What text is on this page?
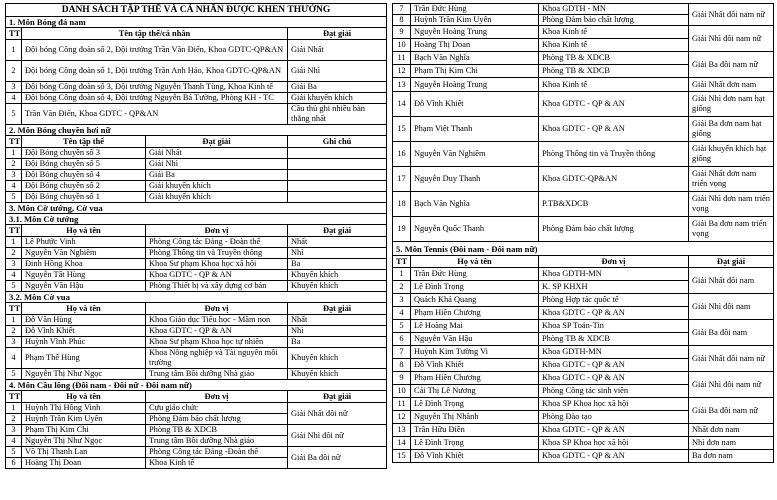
DANH SÁCH TẬP THỂ VÀ CÁ NHÂN ĐƯỢC KHEN THƯỞNG			
1. Môn Bóng đá nam			
TT	Tên tập thể/cá nhân		Đạt giải
1	Đội bóng Công đoàn số 2, Đội trưởng Trần Văn Điển, Khoa GDTC-QP&AN		Giải Nhất
2	Đội bóng Công đoàn số 1, Đội trưởng Trần Anh Hảo, Khoa GDTC-QP&AN		Giải Nhì
3	Đội bóng Công đoàn số 3, Đội trưởng Nguyễn Thanh Tùng, Khoa Kinh tế		Giải Ba
4	Đội bóng Công đoàn số 4, Đội trưởng Nguyễn Bá Tường, Phòng KH - TC		Giải khuyến khích
5	Trần Văn Điển, Khoa GDTC - QP&AN		Cầu thủ ghi nhiều bàn thắng nhất
2. Môn Bóng chuyền hơi nữ			
TT	Tên tập thể	Đạt giải	Ghi chú
1	Đội Bóng chuyền số 3	Giải Nhất	
2	Đội Bóng chuyền số 5	Giải Nhì	
3	Đội Bóng chuyền số 4	Giải Ba	
4	Đội Bóng chuyền số 2	Giải khuyến khích	
5	Đội Bóng chuyền số 1	Giải khuyến khích	
3. Môn Cờ tướng, Cờ vua			
3.1. Môn Cờ tướng			
TT	Họ và tên	Đơn vị	Đạt giải
1	Lê Phước Vinh	Phòng Công tác Đảng - Đoàn thể	Nhất
2	Nguyễn Văn Nghiêm	Phòng Thông tin và Truyền thông	Nhì
3	Đinh Hồng Khoa	Khoa Sư phạm Khoa học xã hội	Ba
4	Nguyễn Tất Hùng	Khoa GDTC - QP & AN	Khuyến khích
5	Nguyễn Văn Hậu	Phòng Thiết bị và xây dựng cơ bản	Khuyến khích
3.2. Môn Cờ vua			
TT	Họ và tên	Đơn vị	Đạt giải
1	Đỗ Văn Hùng	Khoa Giáo dục Tiểu học - Mầm non	Nhất
2	Đỗ Vĩnh Khiết	Khoa GDTC - QP & AN	Nhì
3	Huỳnh Vĩnh Phúc	Khoa Sư phạm Khoa học tự nhiên	Ba
4	Phạm Thế Hùng	Khoa Nông nghiệp và Tài nguyên môi trường	Khuyến khích
5	Nguyễn Thị Như Ngọc	Trung tâm Bồi dưỡng Nhà giáo	Khuyến khích
4. Môn Cầu lông (Đôi nam - Đôi nữ - Đôi nam nữ)			
TT	Họ và tên	Đơn vị	Đạt giải
1	Huỳnh Thị Hồng Vinh	Cựu giáo chức	Giải Nhất đôi nữ
2	Huỳnh Trần Kim Uyên	Phòng Đảm bảo chất lượng	
3	Phạm Thị Kim Chi	Phòng TB & XDCB	Giải Nhì đôi nữ
4	Nguyễn Thị Như Ngọc	Trung tâm Bồi dưỡng Nhà giáo	
5	Võ Thị Thanh Lan	Phòng Công tác Đảng -Đoàn thể	Giải Ba đôi nữ
6	Hoàng Thị Doan	Khoa Kinh tế	
7	Trần Đức Hùng	Khoa GDTH - MN	Giải Nhất đôi nam nữ
8	Huỳnh Trần Kim Uyên	Phòng Đảm bảo chất lượng	
9	Nguyễn Hoàng Trung	Khoa Kinh tế	Giải Nhì đôi nam nữ
10	Hoàng Thị Doan	Khoa Kinh tế	
11	Bạch Văn Nghĩa	Phòng TB & XDCB	Giải Ba đôi nam nữ
12	Phạm Thị Kim Chi	Phòng TB & XDCB	
13	Nguyễn Hoàng Trung	Khoa Kinh tế	Giải Nhất đơn nam
14	Đỗ Vĩnh Khiết	Khoa GDTC - QP & AN	Giải Nhì đơn nam hạt giống
15	Phạm Việt Thanh	Khoa GDTC - QP & AN	Giải Ba đơn nam hạt giống
16	Nguyễn Văn Nghiêm	Phòng Thông tin và Truyền thông	Giải khuyến khích hạt giống
17	Nguyễn Duy Thanh	Khoa GDTC-QP&AN	Giải Nhất đơn nam triển vọng
18	Bạch Văn Nghĩa	P.TB&XDCB	Giải Nhì đơn nam triển vọng
19	Nguyễn Quốc Thanh	Phòng Đảm bảo chất lượng	Giải Ba đơn nam triển vọng
5. Môn Tennis (Đôi nam - Đôi nam nữ)			
TT	Họ và tên	Đơn vị	Đạt giải
1	Trần Đức Hùng	Khoa GDTH-MN	Giải Nhất đôi nam
2	Lê Đình Trọng	K. SP KHXH	
3	Quách Khả Quang	Phòng Hợp tác quốc tế	Giải Nhì đôi nam
4	Phạm Hiền Chương	Khoa GDTC - QP & AN	
5	Lê Hoàng Mai	Khoa SP Toán-Tin	Giải Ba đôi nam
6	Nguyễn Văn Hậu	Phòng TB & XDCB	
7	Huỳnh Kim Tường Vi	Khoa GDTH-MN	Giải Nhất đôi nam nữ
8	Đỗ Vĩnh Khiết	Khoa GDTC - QP & AN	
9	Phạm Hiền Chương	Khoa GDTC - QP & AN	Giải Nhì đôi nam nữ
10	Cái Thị Lê Nương	Phòng Công tác sinh viên	
11	Lê Đình Trọng	Khoa SP Khoa học xã hội	Giải Ba đôi nam nữ
12	Nguyễn Thị Nhành	Phòng Đào tạo	
13	Trần Hữu Điền	Khoa GDTC - QP & AN	Nhất đơn nam
14	Lê Đình Trọng	Khoa SP Khoa học xã hội	Nhì đơn nam
15	Đỗ Vĩnh Khiết	Khoa GDTC - QP & AN	Ba đơn nam
